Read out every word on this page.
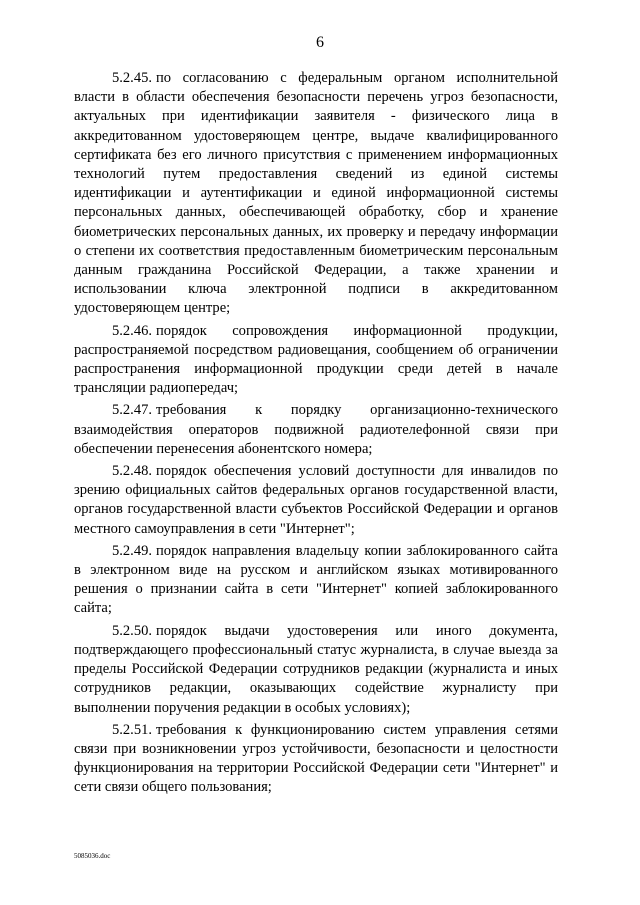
6

5.2.45. по согласованию с федеральным органом исполнительной власти в области обеспечения безопасности перечень угроз безопасности, актуальных при идентификации заявителя - физического лица в аккредитованном удостоверяющем центре, выдаче квалифицированного сертификата без его личного присутствия с применением информационных технологий путем предоставления сведений из единой системы идентификации и аутентификации и единой информационной системы персональных данных, обеспечивающей обработку, сбор и хранение биометрических персональных данных, их проверку и передачу информации о степени их соответствия предоставленным биометрическим персональным данным гражданина Российской Федерации, а также хранении и использовании ключа электронной подписи в аккредитованном удостоверяющем центре;

5.2.46. порядок сопровождения информационной продукции, распространяемой посредством радиовещания, сообщением об ограничении распространения информационной продукции среди детей в начале трансляции радиопередач;

5.2.47. требования к порядку организационно-технического взаимодействия операторов подвижной радиотелефонной связи при обеспечении перенесения абонентского номера;

5.2.48. порядок обеспечения условий доступности для инвалидов по зрению официальных сайтов федеральных органов государственной власти, органов государственной власти субъектов Российской Федерации и органов местного самоуправления в сети "Интернет";

5.2.49. порядок направления владельцу копии заблокированного сайта в электронном виде на русском и английском языках мотивированного решения о признании сайта в сети "Интернет" копией заблокированного сайта;

5.2.50. порядок выдачи удостоверения или иного документа, подтверждающего профессиональный статус журналиста, в случае выезда за пределы Российской Федерации сотрудников редакции (журналиста и иных сотрудников редакции, оказывающих содействие журналисту при выполнении поручения редакции в особых условиях);

5.2.51. требования к функционированию систем управления сетями связи при возникновении угроз устойчивости, безопасности и целостности функционирования на территории Российской Федерации сети "Интернет" и сети связи общего пользования;

5085036.doc
